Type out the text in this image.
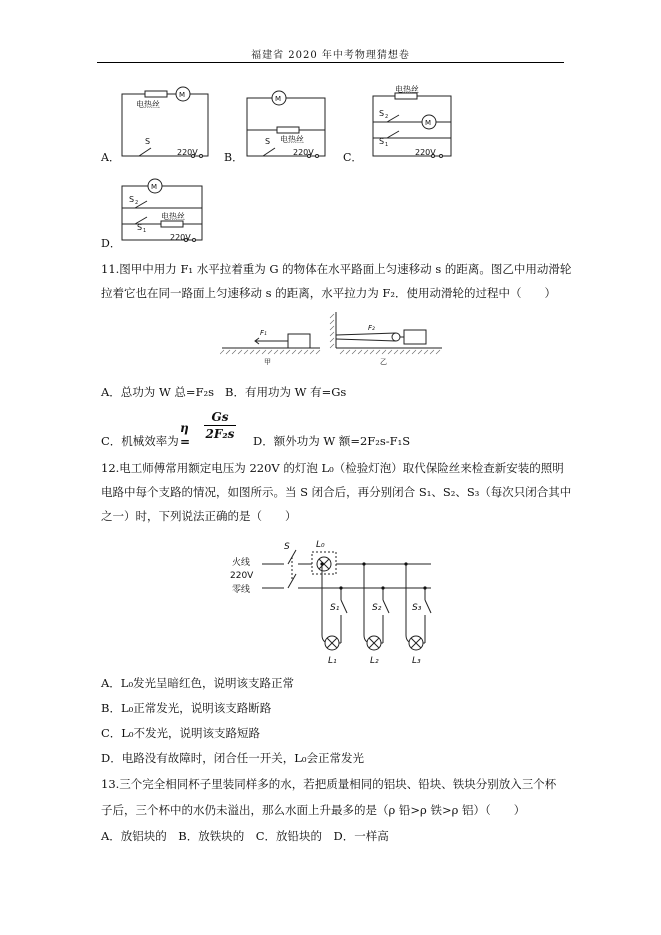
福建省 2020 年中考物理猜想卷
电热丝
M
S
220V
M
电热丝
S
220V
电热丝
M
S 2
S 1
220V
M
S 2
S 1
电热丝
220V
A．	B．	C．
D．
11.图甲中用力 F₁ 水平拉着重为 G 的物体在水平路面上匀速移动 s 的距离。图乙中用动滑轮
拉着它也在同一路面上匀速移动 s 的距离，水平拉力为 F₂．使用动滑轮的过程中（　　）
F₁
F₂
甲	乙
A．总功为 W 总=F₂s B．有用功为 W 有=Gs
C．机械效率为
η =
Gs
2F₂s	D．额外功为 W 额=2F₂s-F₁S
12.电工师傅常用额定电压为 220V 的灯泡 L₀（检验灯泡）取代保险丝来检查新安装的照明
电路中每个支路的情况，如图所示。当 S 闭合后，再分别闭合 S₁、S₂、S₃（每次只闭合其中
之一）时，下列说法正确的是（　　）
火线
220V
零线
S	L₀
S₁	S₂	S₃
L₁	L₂	L₃
A．L₀发光呈暗红色，说明该支路正常
B．L₀正常发光，说明该支路断路
C．L₀不发光，说明该支路短路
D．电路没有故障时，闭合任一开关，L₀会正常发光
13.三个完全相同杯子里装同样多的水，若把质量相同的铝块、铅块、铁块分别放入三个杯
子后，三个杯中的水仍未溢出，那么水面上升最多的是（ρ 铅>ρ 铁>ρ 铝）（　　）
A．放铝块的　B．放铁块的　C．放铅块的　D．一样高
